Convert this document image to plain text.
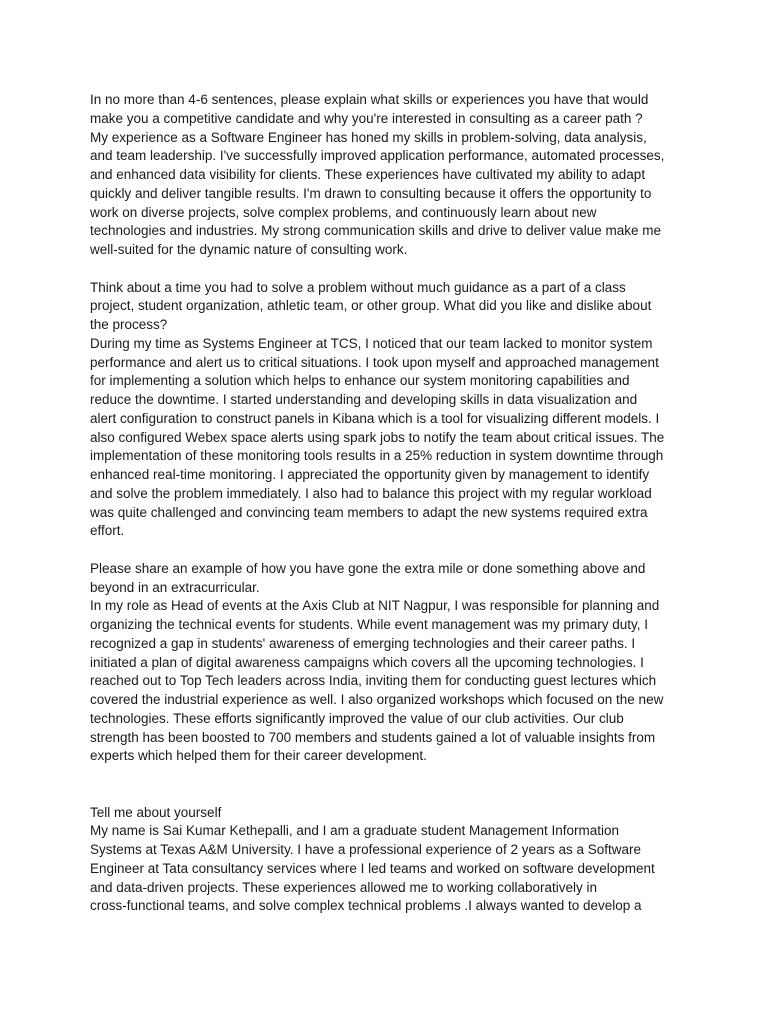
In no more than 4-6 sentences, please explain what skills or experiences you have that would
make you a competitive candidate and why you're interested in consulting as a career path ?
My experience as a Software Engineer has honed my skills in problem-solving, data analysis,
and team leadership. I've successfully improved application performance, automated processes,
and enhanced data visibility for clients. These experiences have cultivated my ability to adapt
quickly and deliver tangible results. I'm drawn to consulting because it offers the opportunity to
work on diverse projects, solve complex problems, and continuously learn about new
technologies and industries. My strong communication skills and drive to deliver value make me
well-suited for the dynamic nature of consulting work.
Think about a time you had to solve a problem without much guidance as a part of a class
project, student organization, athletic team, or other group. What did you like and dislike about
the process?
During my time as Systems Engineer at TCS, I noticed that our team lacked to monitor system
performance and alert us to critical situations. I took upon myself and approached management
for implementing a solution which helps to enhance our system monitoring capabilities and
reduce the downtime. I started understanding and developing skills in data visualization and
alert configuration to construct panels in Kibana which is a tool for visualizing different models. I
also configured Webex space alerts using spark jobs to notify the team about critical issues. The
implementation of these monitoring tools results in a 25% reduction in system downtime through
enhanced real-time monitoring. I appreciated the opportunity given by management to identify
and solve the problem immediately. I also had to balance this project with my regular workload
was quite challenged and convincing team members to adapt the new systems required extra
effort.
Please share an example of how you have gone the extra mile or done something above and
beyond in an extracurricular.
In my role as Head of events at the Axis Club at NIT Nagpur, I was responsible for planning and
organizing the technical events for students. While event management was my primary duty, I
recognized a gap in students' awareness of emerging technologies and their career paths. I
initiated a plan of digital awareness campaigns which covers all the upcoming technologies. I
reached out to Top Tech leaders across India, inviting them for conducting guest lectures which
covered the industrial experience as well. I also organized workshops which focused on the new
technologies. These efforts significantly improved the value of our club activities. Our club
strength has been boosted to 700 members and students gained a lot of valuable insights from
experts which helped them for their career development.
Tell me about yourself
My name is Sai Kumar Kethepalli, and I am a graduate student Management Information
Systems at Texas A&M University. I have a professional experience of 2 years as a Software
Engineer at Tata consultancy services where I led teams and worked on software development
and data-driven projects. These experiences allowed me to working collaboratively in
cross-functional teams, and solve complex technical problems .I always wanted to develop a
